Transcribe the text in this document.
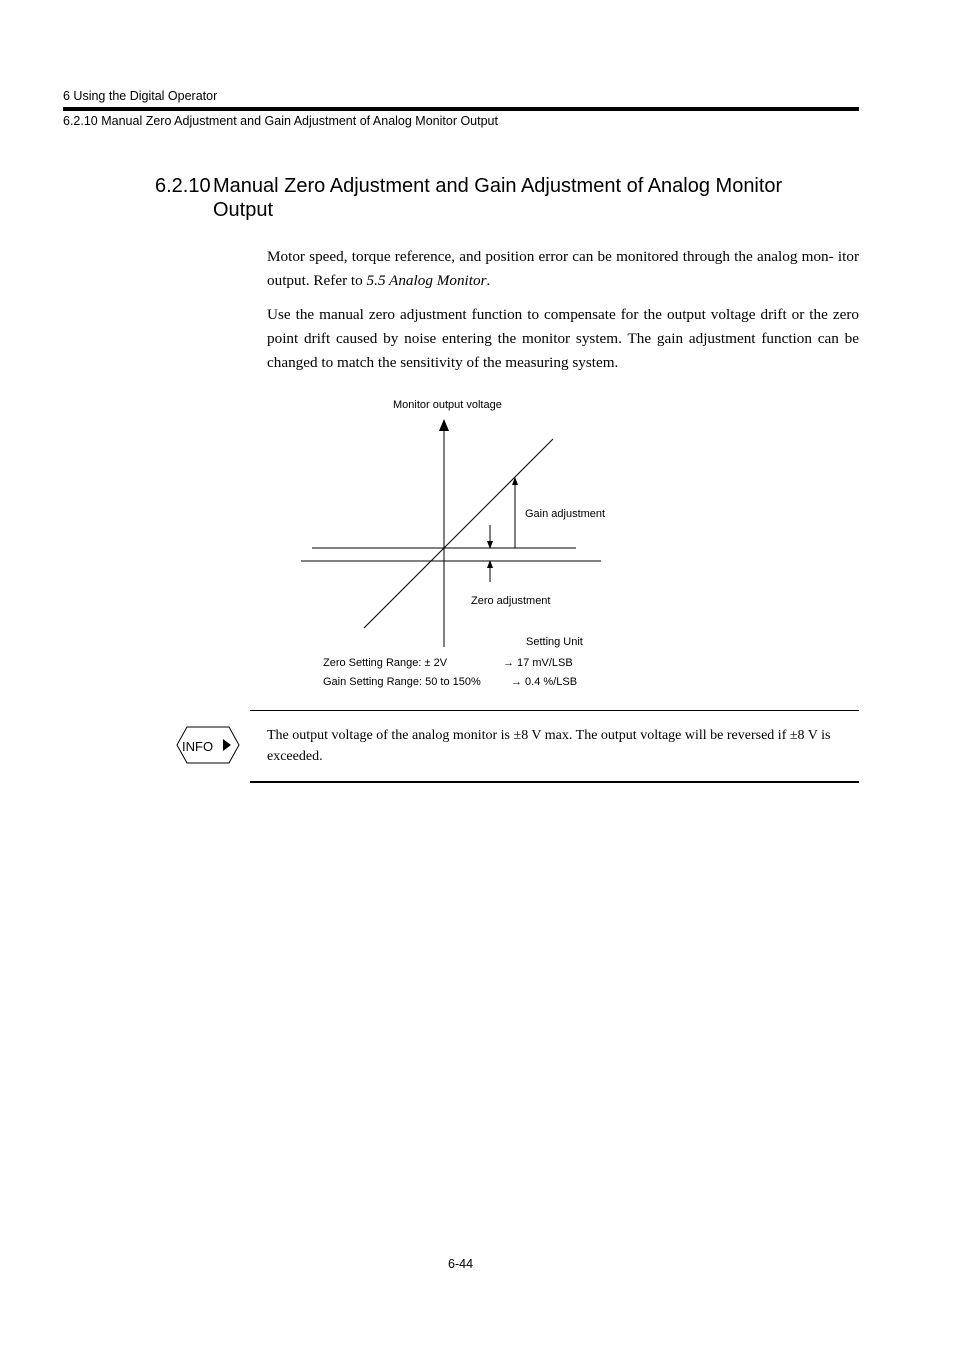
6 Using the Digital Operator
6.2.10 Manual Zero Adjustment and Gain Adjustment of Analog Monitor Output
6.2.10 Manual Zero Adjustment and Gain Adjustment of Analog Monitor
Output
Motor speed, torque reference, and position error can be monitored through the analog mon- itor output. Refer to 5.5 Analog Monitor.
Use the manual zero adjustment function to compensate for the output voltage drift or the zero point drift caused by noise entering the monitor system. The gain adjustment function can be changed to match the sensitivity of the measuring system.
Monitor output voltage
Gain adjustment
Zero adjustment
Setting Unit
Zero Setting Range: ± 2V	→ 17 mV/LSB
Gain Setting Range: 50 to 150%	→ 0.4 %/LSB
INFO
The output voltage of the analog monitor is ±8 V max. The output voltage will be reversed if ±8 V is exceeded.
6-44
